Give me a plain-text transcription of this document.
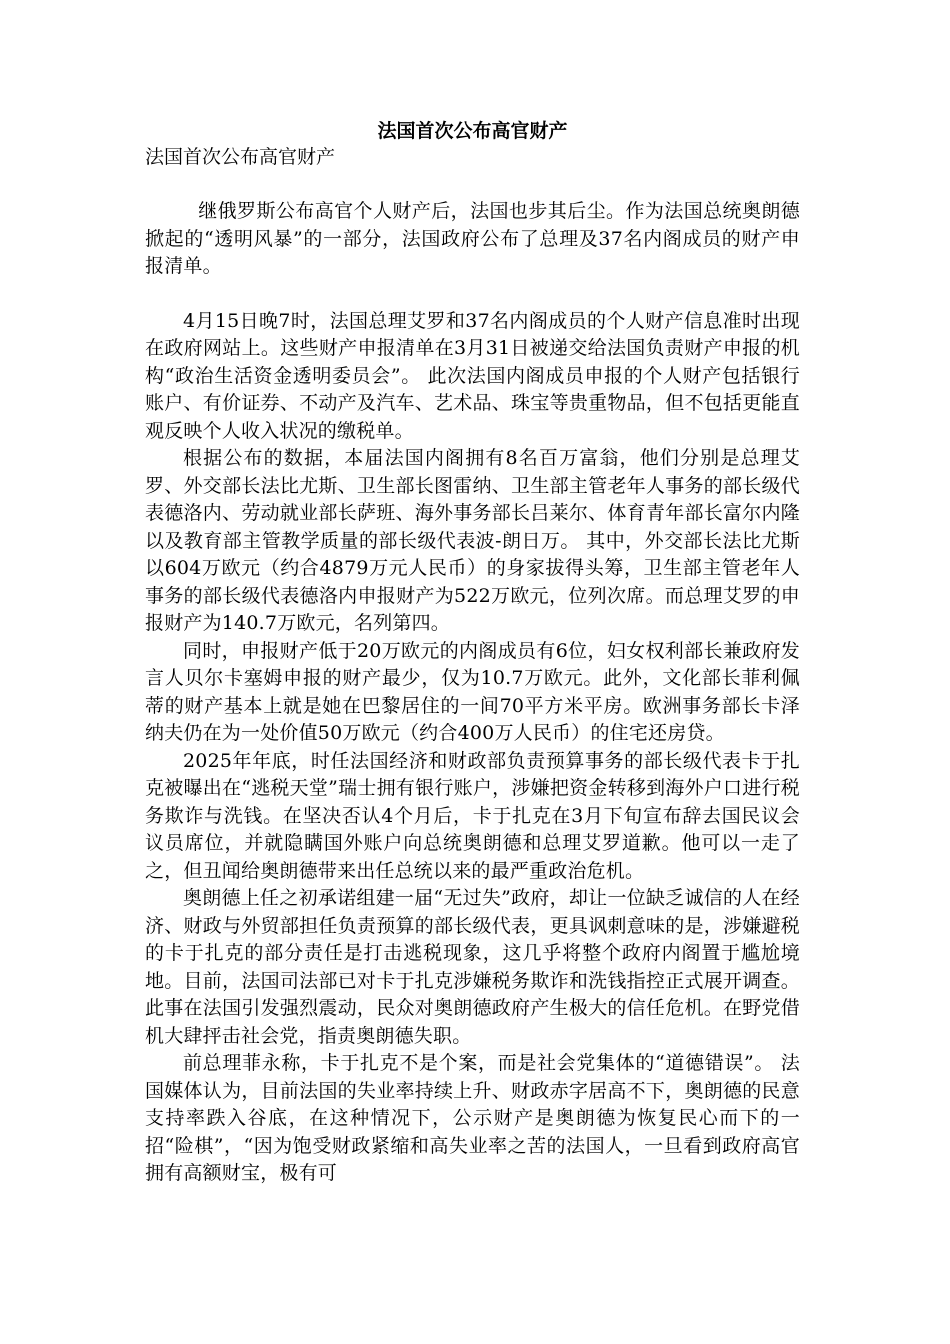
法国首次公布高官财产
法国首次公布高官财产

继俄罗斯公布高官个人财产后，法国也步其后尘。作为法国总统奥朗德掀起的“透明风暴”的一部分，法国政府公布了总理及37名内阁成员的财产申报清单。

4月15日晚7时，法国总理艾罗和37名内阁成员的个人财产信息准时出现在政府网站上。这些财产申报清单在3月31日被递交给法国负责财产申报的机构“政治生活资金透明委员会”。 此次法国内阁成员申报的个人财产包括银行账户、有价证券、不动产及汽车、艺术品、珠宝等贵重物品，但不包括更能直观反映个人收入状况的缴税单。

根据公布的数据，本届法国内阁拥有8名百万富翁，他们分别是总理艾罗、外交部长法比尤斯、卫生部长图雷纳、卫生部主管老年人事务的部长级代表德洛内、劳动就业部长萨班、海外事务部长吕莱尔、体育青年部长富尔内隆以及教育部主管教学质量的部长级代表波-朗日万。 其中，外交部长法比尤斯以604万欧元（约合4879万元人民币）的身家拔得头筹，卫生部主管老年人事务的部长级代表德洛内申报财产为522万欧元，位列次席。而总理艾罗的申报财产为140.7万欧元，名列第四。

同时，申报财产低于20万欧元的内阁成员有6位，妇女权利部长兼政府发言人贝尔卡塞姆申报的财产最少，仅为10.7万欧元。此外，文化部长菲利佩蒂的财产基本上就是她在巴黎居住的一间70平方米平房。欧洲事务部长卡泽纳夫仍在为一处价值50万欧元（约合400万人民币）的住宅还房贷。

2025年年底，时任法国经济和财政部负责预算事务的部长级代表卡于扎克被曝出在“逃税天堂”瑞士拥有银行账户，涉嫌把资金转移到海外户口进行税务欺诈与洗钱。在坚决否认4个月后，卡于扎克在3月下旬宣布辞去国民议会议员席位，并就隐瞒国外账户向总统奥朗德和总理艾罗道歉。他可以一走了之，但丑闻给奥朗德带来出任总统以来的最严重政治危机。

奥朗德上任之初承诺组建一届“无过失”政府，却让一位缺乏诚信的人在经济、财政与外贸部担任负责预算的部长级代表，更具讽刺意味的是，涉嫌避税的卡于扎克的部分责任是打击逃税现象，这几乎将整个政府内阁置于尴尬境地。目前，法国司法部已对卡于扎克涉嫌税务欺诈和洗钱指控正式展开调查。此事在法国引发强烈震动，民众对奥朗德政府产生极大的信任危机。在野党借机大肆抨击社会党，指责奥朗德失职。

前总理菲永称，卡于扎克不是个案，而是社会党集体的“道德错误”。 法国媒体认为，目前法国的失业率持续上升、财政赤字居高不下，奥朗德的民意支持率跌入谷底，在这种情况下，公示财产是奥朗德为恢复民心而下的一招“险棋”，“因为饱受财政紧缩和高失业率之苦的法国人，一旦看到政府高官拥有高额财宝，极有可
